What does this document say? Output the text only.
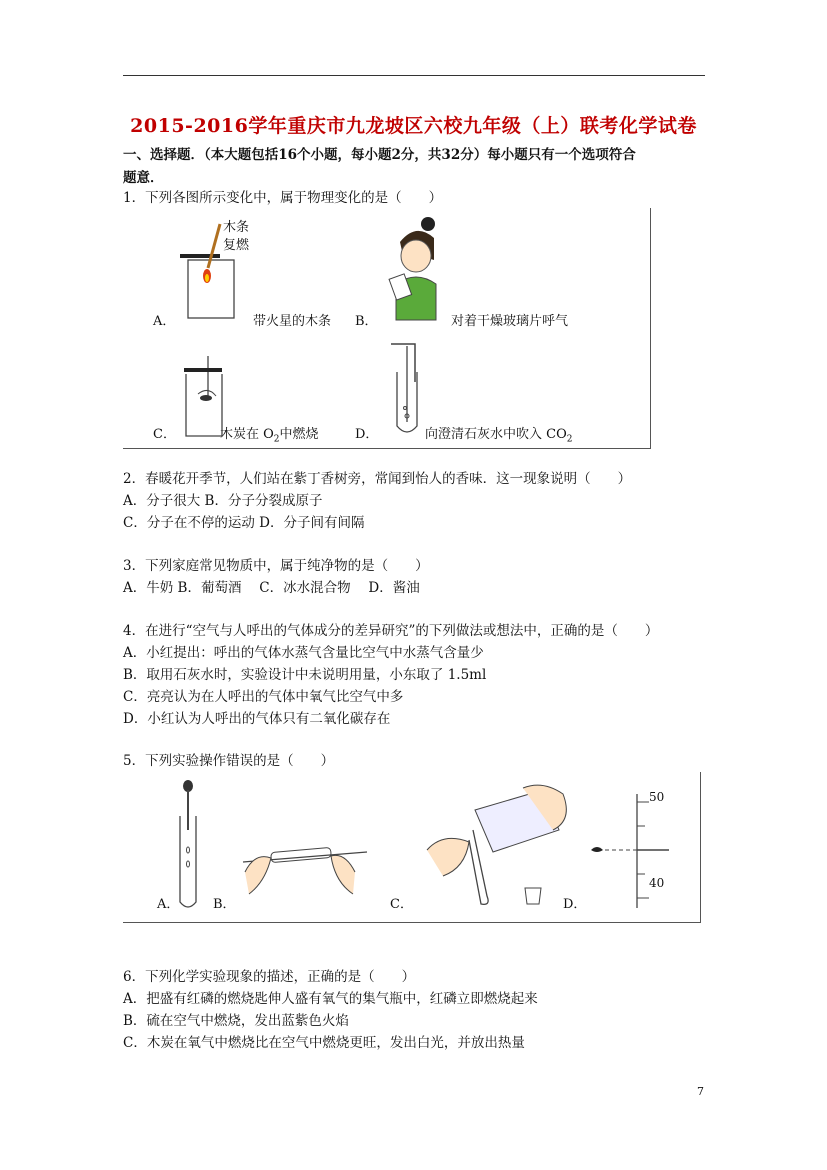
2015-2016学年重庆市九龙坡区六校九年级（上）联考化学试卷
一、选择题．（本大题包括16个小题，每小题2分，共32分）每小题只有一个选项符合
题意．
1．下列各图所示变化中，属于物理变化的是（　　）
木条
复燃
A．	带火星的木条 B．	对着干燥玻璃片呼气
C．	木炭在 $O_2$中燃烧	D．	向澄清石灰水中吹入 $CO_2$
2．春暖花开季节，人们站在紫丁香树旁，常闻到怡人的香味．这一现象说明（　　）
A．分子很大 B．分子分裂成原子
C．分子在不停的运动 D．分子间有间隔
3．下列家庭常见物质中，属于纯净物的是（　　）
A．牛奶 B．葡萄酒　 C．冰水混合物　 D．酱油
4．在进行“空气与人呼出的气体成分的差异研究”的下列做法或想法中，正确的是（　　）
A．小红提出：呼出的气体水蒸气含量比空气中水蒸气含量少
B．取用石灰水时，实验设计中未说明用量，小东取了 1.5ml
C．亮亮认为在人呼出的气体中氧气比空气中多
D．小红认为人呼出的气体只有二氧化碳存在
5．下列实验操作错误的是（　　）
A．	B．	C．	D．
50
40
6．下列化学实验现象的描述，正确的是（　　）
A．把盛有红磷的燃烧匙伸人盛有氧气的集气瓶中，红磷立即燃烧起来
B．硫在空气中燃烧，发出蓝紫色火焰
C．木炭在氧气中燃烧比在空气中燃烧更旺，发出白光，并放出热量
7
